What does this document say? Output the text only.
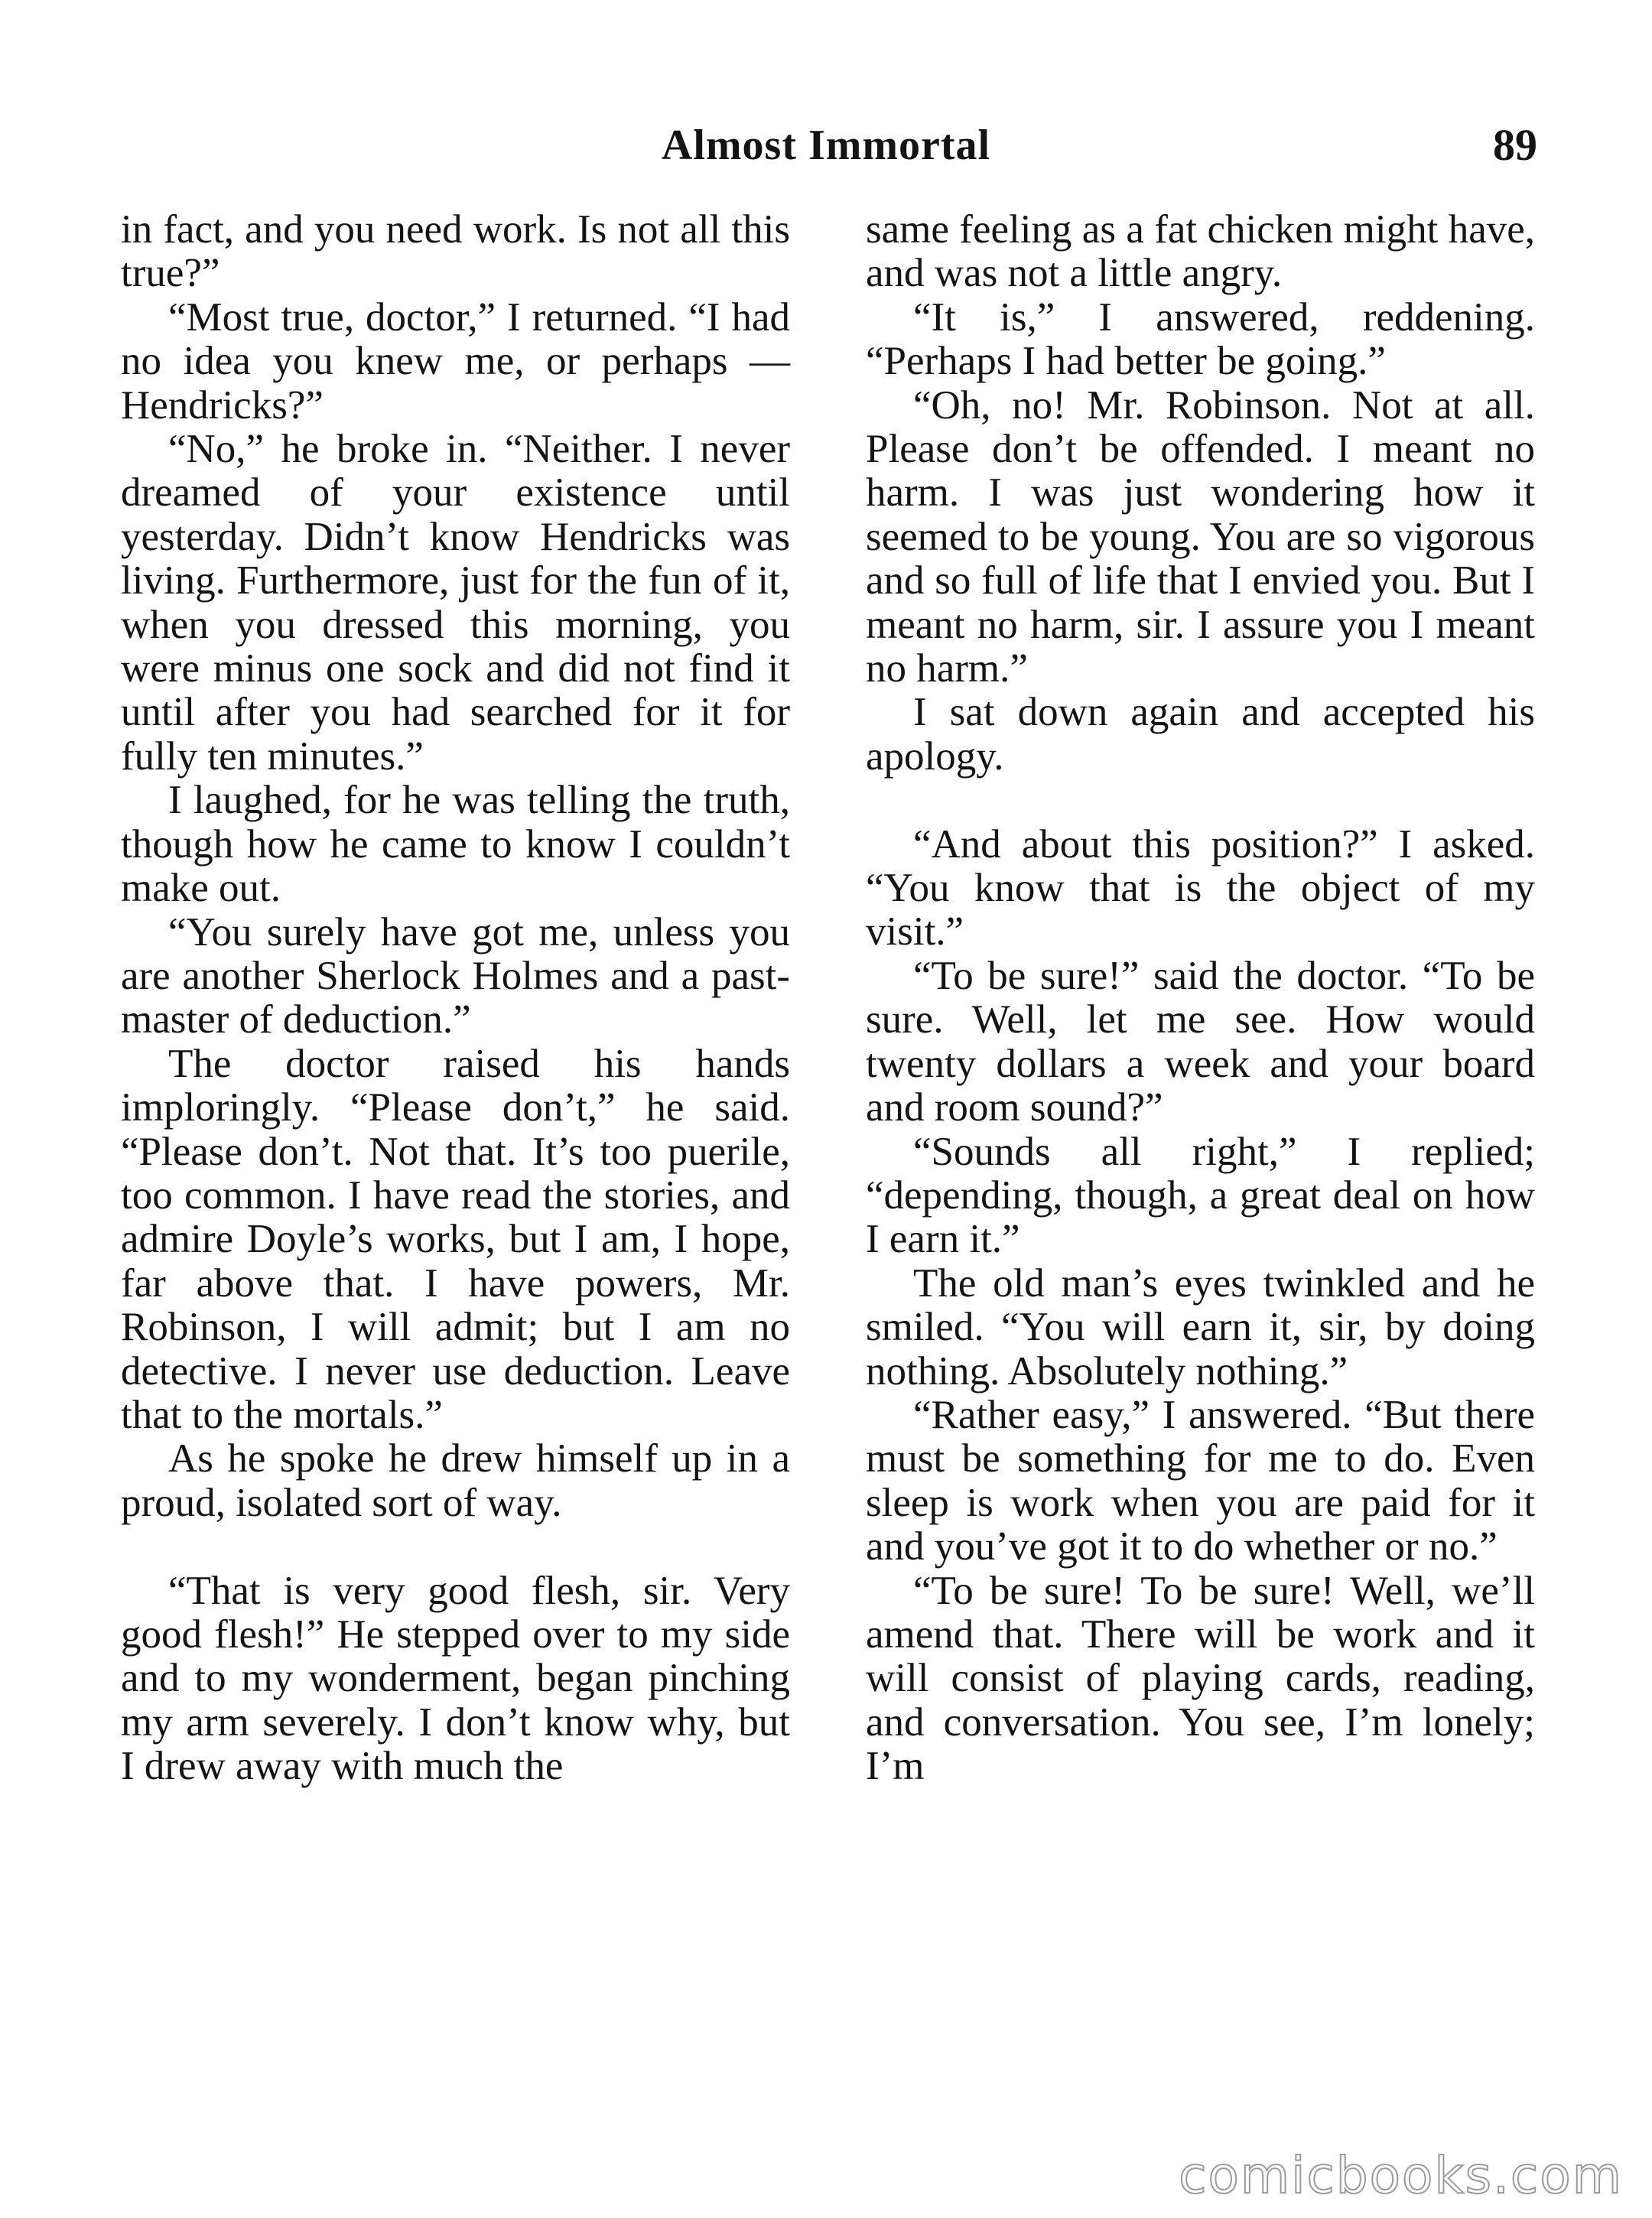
Almost Immortal	89

in fact, and you need work. Is not all this true?”

“Most true, doctor,” I returned. “I had no idea you knew me, or perhaps — Hendricks?”

“No,” he broke in. “Neither. I never dreamed of your existence until yesterday. Didn’t know Hendricks was living. Furthermore, just for the fun of it, when you dressed this morning, you were minus one sock and did not find it until after you had searched for it for fully ten minutes.”

I laughed, for he was telling the truth, though how he came to know I couldn’t make out.

“You surely have got me, unless you are another Sherlock Holmes and a past-master of deduction.”

The doctor raised his hands imploringly. “Please don’t,” he said. “Please don’t. Not that. It’s too puerile, too common. I have read the stories, and admire Doyle’s works, but I am, I hope, far above that. I have powers, Mr. Robinson, I will admit; but I am no detective. I never use deduction. Leave that to the mortals.”

As he spoke he drew himself up in a proud, isolated sort of way.

“That is very good flesh, sir. Very good flesh!” He stepped over to my side and to my wonderment, began pinching my arm severely. I don’t know why, but I drew away with much the

same feeling as a fat chicken might have, and was not a little angry.

“It is,” I answered, reddening. “Perhaps I had better be going.”

“Oh, no! Mr. Robinson. Not at all. Please don’t be offended. I meant no harm. I was just wondering how it seemed to be young. You are so vigorous and so full of life that I envied you. But I meant no harm, sir. I assure you I meant no harm.”

I sat down again and accepted his apology.

“And about this position?” I asked. “You know that is the object of my visit.”

“To be sure!” said the doctor. “To be sure. Well, let me see. How would twenty dollars a week and your board and room sound?”

“Sounds all right,” I replied; “depending, though, a great deal on how I earn it.”

The old man’s eyes twinkled and he smiled. “You will earn it, sir, by doing nothing. Absolutely nothing.”

“Rather easy,” I answered. “But there must be something for me to do. Even sleep is work when you are paid for it and you’ve got it to do whether or no.”

“To be sure! To be sure! Well, we’ll amend that. There will be work and it will consist of playing cards, reading, and conversation. You see, I’m lonely; I’m

comicbooks.com
